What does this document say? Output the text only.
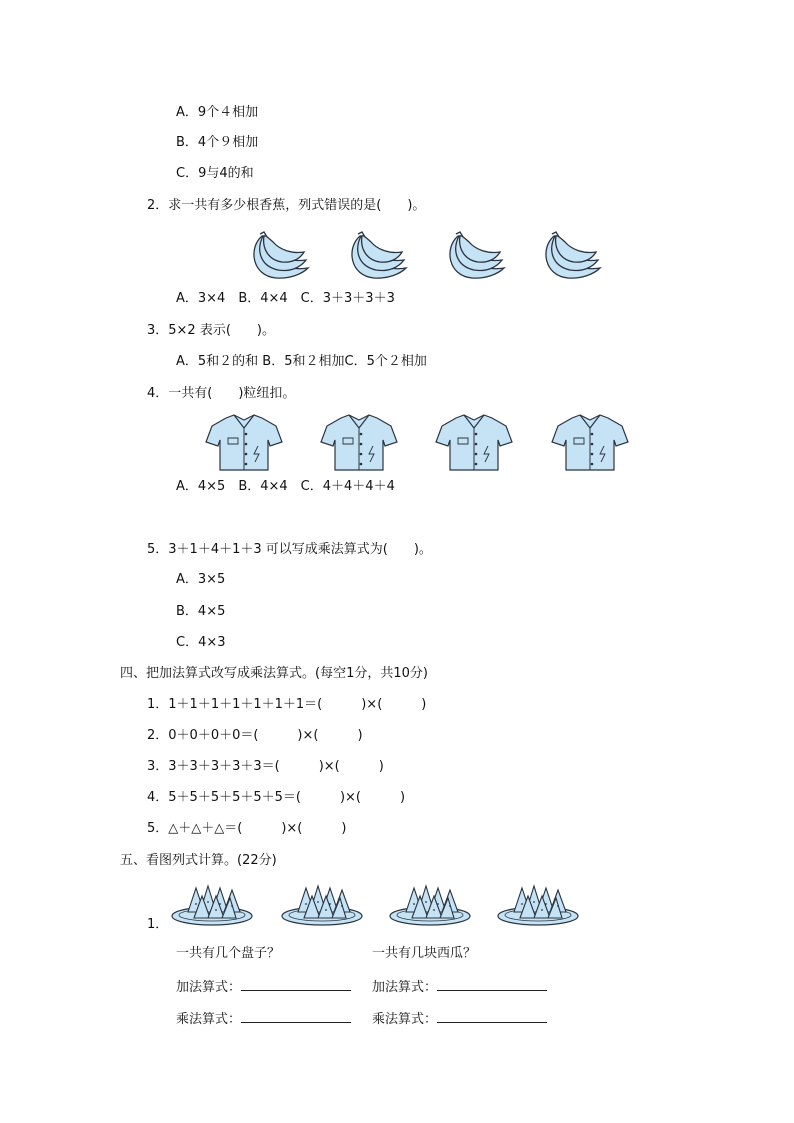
A．9个４相加
B．4个９相加
C．9与4的和
2．求一共有多少根香蕉，列式错误的是(　　)。
A．3×4　B．4×4　C．3＋3＋3＋3
3．5×2 表示(　　)。
A．5和２的和 B．5和２相加C．5个２相加
4．一共有(　　)粒纽扣。
A．4×5　B．4×4　C．4＋4＋4＋4
5．3＋1＋4＋1＋3 可以写成乘法算式为(　　)。
A．3×5
B．4×5
C．4×3
四、把加法算式改写成乘法算式。(每空1分，共10分)
1．1＋1＋1＋1＋1＋1＋1＝(　　　)×(　　　)
2．0＋0＋0＋0＝(　　　)×(　　　)
3．3＋3＋3＋3＋3＝(　　　)×(　　　)
4．5＋5＋5＋5＋5＋5＝(　　　)×(　　　)
5．△＋△＋△＝(　　　)×(　　　)
五、看图列式计算。(22分)
1．
一共有几个盘子？
加法算式：
乘法算式：
一共有几块西瓜？
加法算式：
乘法算式：
